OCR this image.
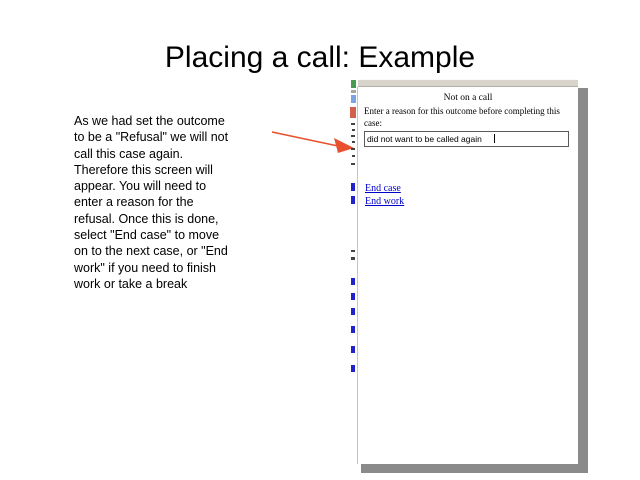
Placing a call: Example
As we had set the outcome
to be a "Refusal" we will not
call this case again.
Therefore this screen will
appear. You will need to
enter a reason for the
refusal. Once this is done,
select "End case" to move
on to the next case, or "End
work" if you need to finish
work or take a break
Not on a call
Enter a reason for this outcome before completing this case:
did not want to be called again
End case
End work
